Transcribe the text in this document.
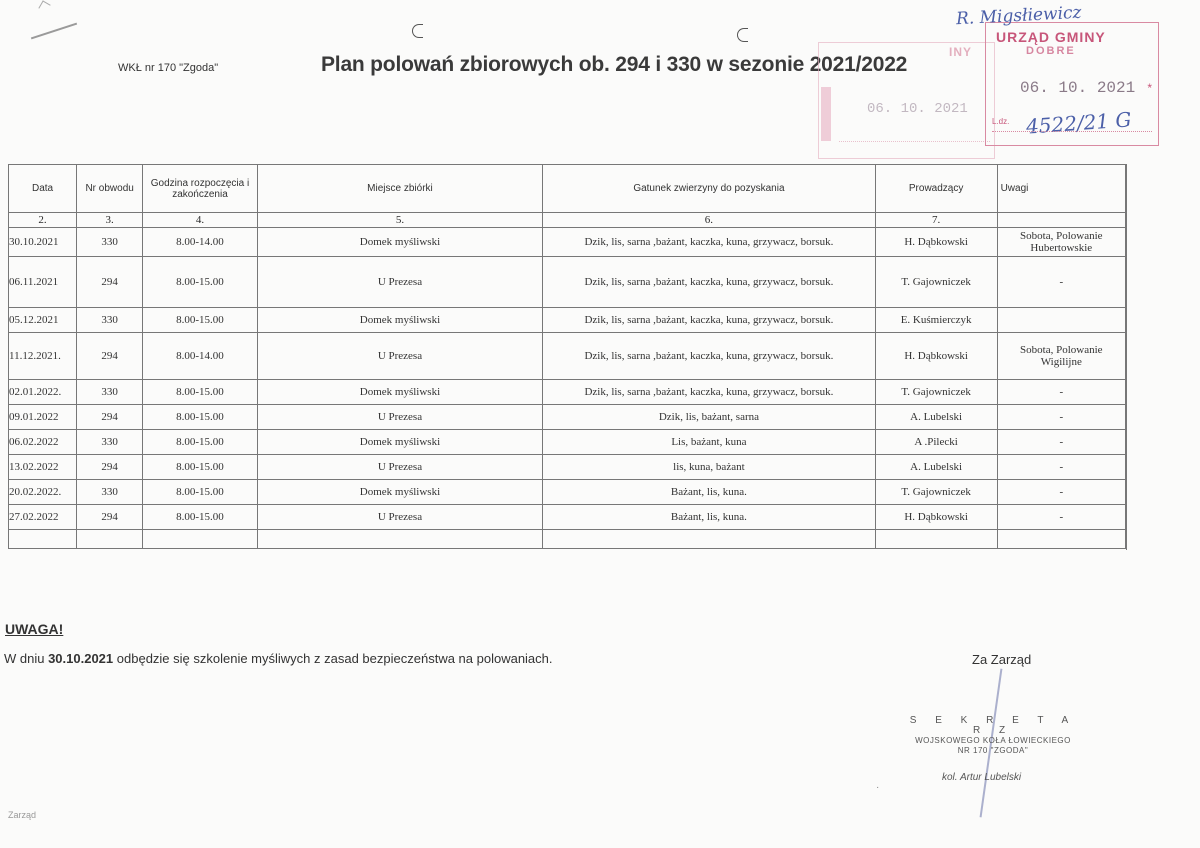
WKŁ nr 170 "Zgoda"	Plan polowań zbiorowych ob. 294 i 330 w sezonie 2021/2022
INY
06. 10. 2021
URZĄD GMINY
DOBRE
06. 10. 2021 *
L.dz. 4522/21 G
R. Migsłiewicz
Data	Nr obwodu	Godzina rozpoczęcia i zakończenia	Miejsce zbiórki	Gatunek zwierzyny do pozyskania	Prowadzący	Uwagi
2.	3.	4.	5.	6.	7.	
30.10.2021	330	8.00-14.00	Domek myśliwski	Dzik, lis, sarna ,bażant, kaczka, kuna, grzywacz, borsuk.	H. Dąbkowski	Sobota, Polowanie Hubertowskie
06.11.2021	294	8.00-15.00	U Prezesa	Dzik, lis, sarna ,bażant, kaczka, kuna, grzywacz, borsuk.	T. Gajowniczek	-
05.12.2021	330	8.00-15.00	Domek myśliwski	Dzik, lis, sarna ,bażant, kaczka, kuna, grzywacz, borsuk.	E. Kuśmierczyk	
11.12.2021.	294	8.00-14.00	U Prezesa	Dzik, lis, sarna ,bażant, kaczka, kuna, grzywacz, borsuk.	H. Dąbkowski	Sobota, Polowanie Wigilijne
02.01.2022.	330	8.00-15.00	Domek myśliwski	Dzik, lis, sarna ,bażant, kaczka, kuna, grzywacz, borsuk.	T. Gajowniczek	-
09.01.2022	294	8.00-15.00	U Prezesa	Dzik, lis, bażant, sarna	A. Lubelski	-
06.02.2022	330	8.00-15.00	Domek myśliwski	Lis, bażant, kuna	A .Pilecki	-
13.02.2022	294	8.00-15.00	U Prezesa	lis, kuna, bażant	A. Lubelski	-
20.02.2022.	330	8.00-15.00	Domek myśliwski	Bażant, lis, kuna.	T. Gajowniczek	-
27.02.2022	294	8.00-15.00	U Prezesa	Bażant, lis, kuna.	H. Dąbkowski	-

UWAGA!
W dniu 30.10.2021 odbędzie się szkolenie myśliwych z zasad bezpieczeństwa na polowaniach.	Za Zarząd
S E K R E T A R Z
WOJSKOWEGO KOŁA ŁOWIECKIEGO
NR 170 "ZGODA"
kol. Artur Lubelski
·
Zarząd
